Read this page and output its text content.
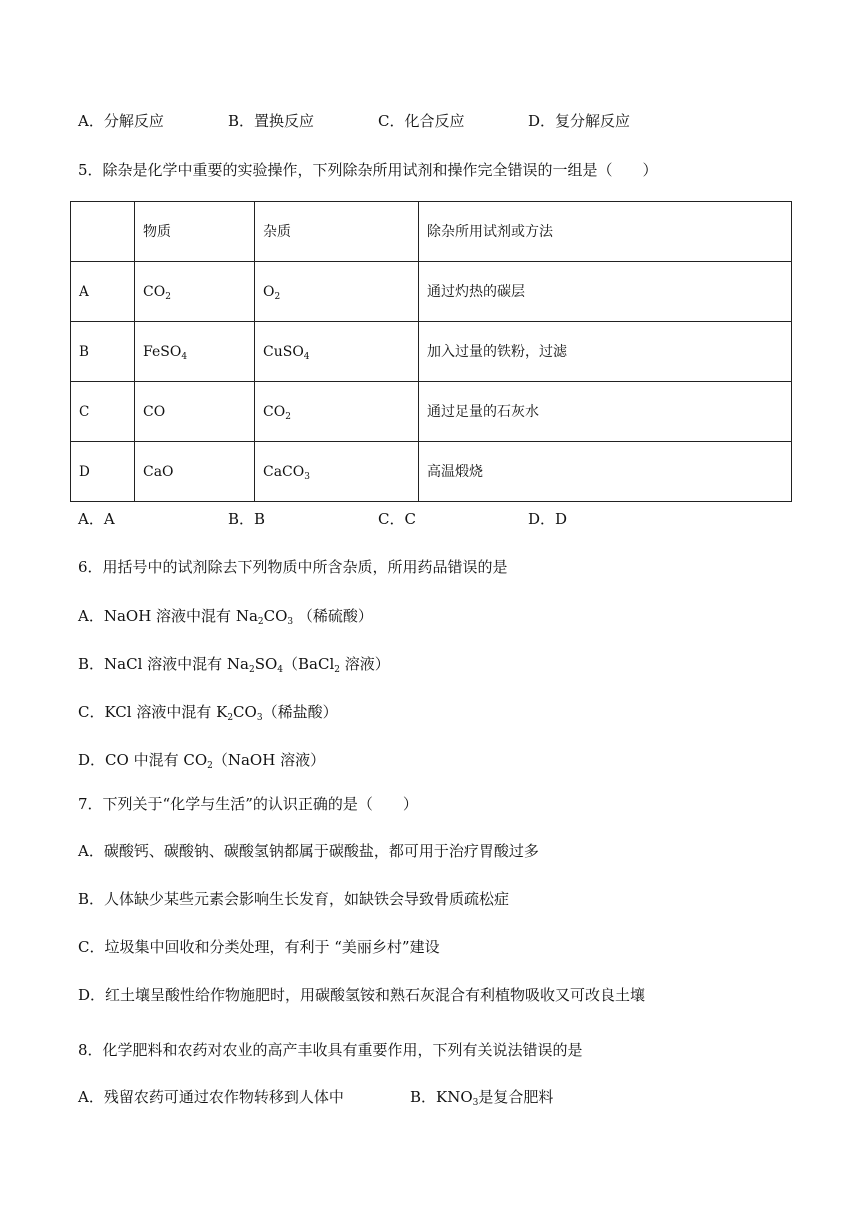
A．分解反应	B．置换反应	C．化合反应	D．复分解反应
5．除杂是化学中重要的实验操作，下列除杂所用试剂和操作完全错误的一组是（　　）
	物质	杂质	除杂所用试剂或方法
A	$CO_2$	$O_2$	通过灼热的碳层
B	FeSO$_4$	CuSO$_4$	加入过量的铁粉，过滤
C	CO	$CO_2$	通过足量的石灰水
D	CaO	CaCO$_3$	高温煅烧
A．A	B．B	C．C	D．D
6．用括号中的试剂除去下列物质中所含杂质，所用药品错误的是
A．NaOH 溶液中混有 $Na_2CO_3$ （稀硫酸）
B．NaCl 溶液中混有 $Na_2SO_4(BaCl_2$ 溶液）
C．KCl 溶液中混有 $K_2CO_3$（稀盐酸）
D．CO 中混有 $CO_2(NaOH$ 溶液）
7．下列关于“化学与生活”的认识正确的是（　　）
A．碳酸钙、碳酸钠、碳酸氢钠都属于碳酸盐，都可用于治疗胃酸过多
B．人体缺少某些元素会影响生长发育，如缺铁会导致骨质疏松症
C．垃圾集中回收和分类处理，有利于 “美丽乡村”建设
D．红土壤呈酸性给作物施肥时，用碳酸氢铵和熟石灰混合有利植物吸收又可改良土壤
8．化学肥料和农药对农业的高产丰收具有重要作用，下列有关说法错误的是
A．残留农药可通过农作物转移到人体中	B．$KNO_3$是复合肥料
